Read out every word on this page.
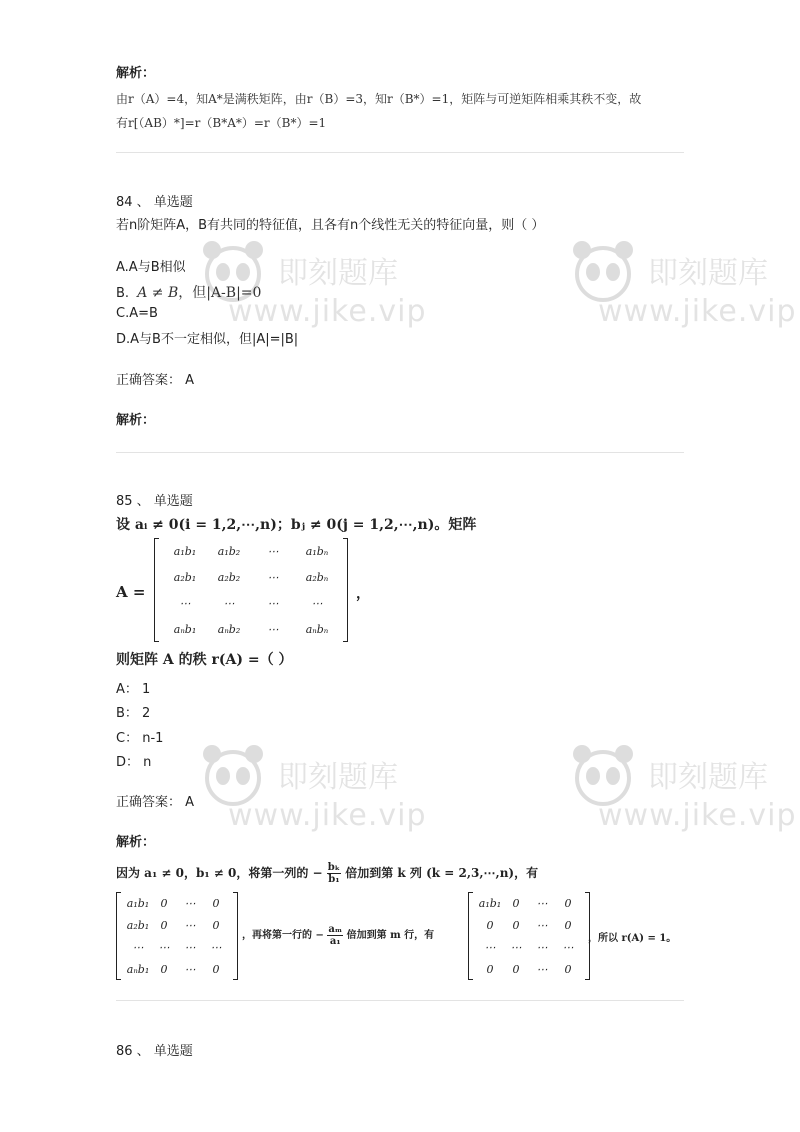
解析：
由r（A）=4，知A*是满秩矩阵，由r（B）=3，知r（B*）=1，矩阵与可逆矩阵相乘其秩不变，故
有r[（AB）*]=r（B*A*）=r（B*）=1
84 、 单选题
若n阶矩阵A，B有共同的特征值，且各有n个线性无关的特征向量，则（ ）
A.A与B相似
B. A ≠ B，但|A-B|=0
C.A=B
D.A与B不一定相似，但|A|=|B|
正确答案： A
解析：
85 、 单选题
设 aᵢ ≠ 0(i = 1,2,⋯,n)；bⱼ ≠ 0(j = 1,2,⋯,n)。矩阵
A =
a₁b₁	a₁b₂	⋯	a₁bₙ
a₂b₁	a₂b₂	⋯	a₂bₙ
⋯	⋯	⋯	⋯
aₙb₁	aₙb₂	⋯	aₙbₙ
，
则矩阵 A 的秩 r(A) =（ ）
A： 1
B： 2
C： n-1
D： n
正确答案： A
解析：
因为 a₁ ≠ 0，b₁ ≠ 0，将第一列的 − $\frac{\text{bₖ}}{\text{b₁}}$ 倍加到第 k 列 (k = 2,3,⋯,n)，有
a₁b₁	0	⋯	0
a₂b₁	0	⋯	0
⋯	⋯	⋯	⋯
aₙb₁	0	⋯	0
，再将第一行的 − $\frac{\text{aₘ}}{\text{a₁}}$ 倍加到第 m 行，有
a₁b₁	0	⋯	0
0	0	⋯	0
⋯	⋯	⋯	⋯
0	0	⋯	0
，所以 r(A) = 1。
86 、 单选题
即刻题库
www.jike.vip
即刻题库
www.jike.vip
即刻题库
www.jike.vip
即刻题库
www.jike.vip
